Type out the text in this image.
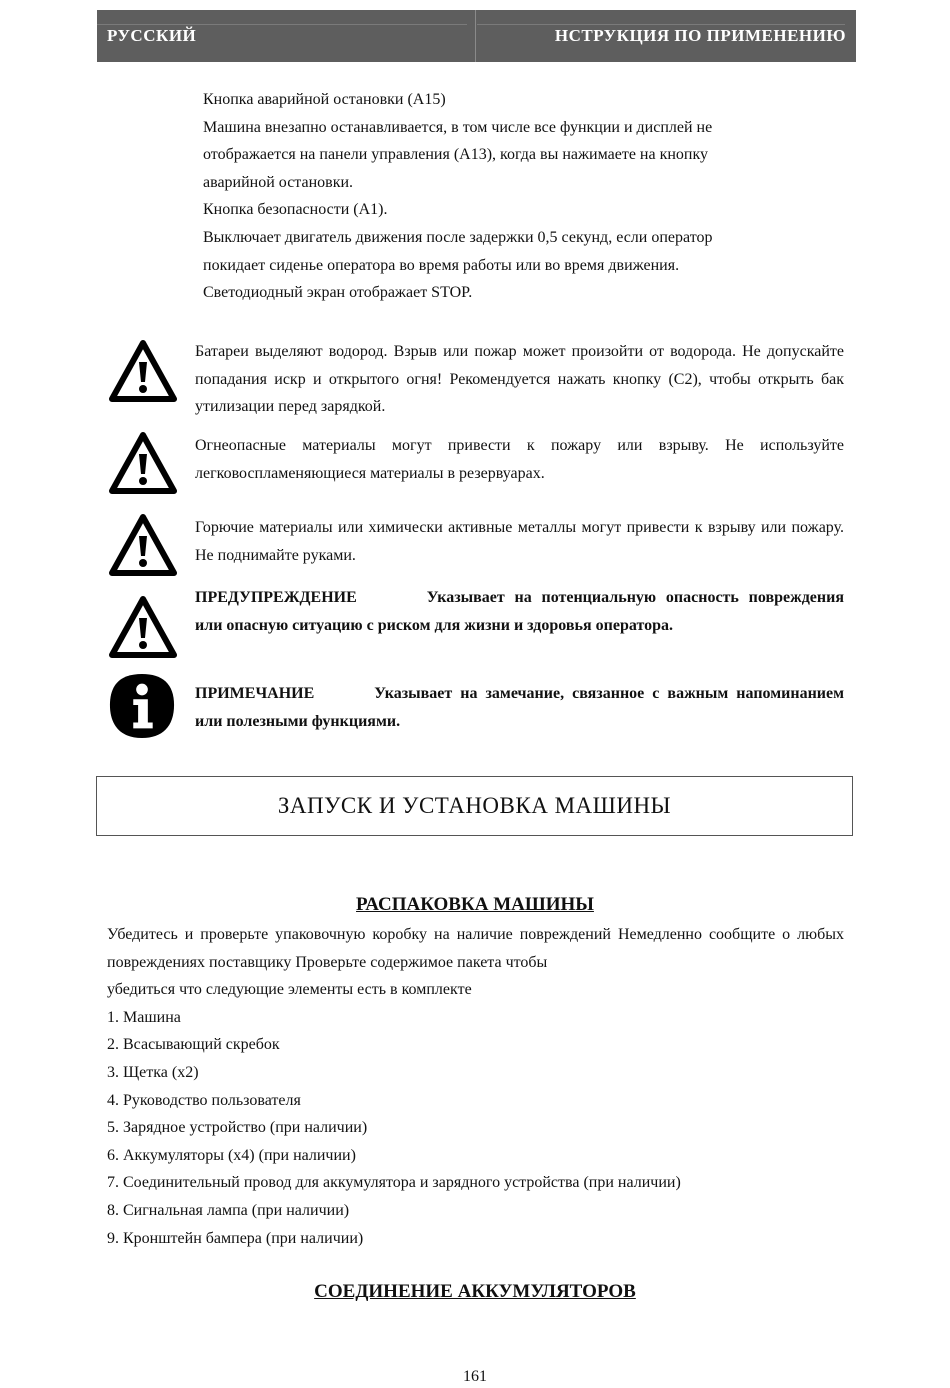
РУССКИЙ	НСТРУКЦИЯ ПО ПРИМЕНЕНИЮ

Кнопка аварийной остановки (A15)

Машина внезапно останавливается, в том числе все функции и дисплей не

отображается на панели управления (A13), когда вы нажимаете на кнопку

аварийной остановки.

Кнопка безопасности (A1).

Выключает двигатель движения после задержки 0,5 секунд, если оператор

покидает сиденье оператора во время работы или во время движения.

Светодиодный экран отображает STOP.

Батареи выделяют водород. Взрыв или пожар может произойти от водорода. Не допускайте попадания искр и открытого огня! Рекомендуется нажать кнопку (C2), чтобы открыть бак утилизации перед зарядкой.

Огнеопасные материалы могут привести к пожару или взрыву. Не используйте легковоспламеняющиеся материалы в резервуарах.

Горючие материалы или химически активные металлы могут привести к взрыву или пожару. Не поднимайте руками.

ПРЕДУПРЕЖДЕНИЕ	Указывает на потенциальную опасность повреждения или опасную ситуацию с риском для жизни и здоровья оператора.

ПРИМЕЧАНИЕ	Указывает на замечание, связанное с важным напоминанием или полезными функциями.

ЗАПУСК И УСТАНОВКА МАШИНЫ
РАСПАКОВКА МАШИНЫ

Убедитесь и проверьте упаковочную коробку на наличие повреждений Немедленно сообщите о любых повреждениях поставщику Проверьте содержимое пакета чтобы

убедиться что следующие элементы есть в комплекте

1. Машина
2. Всасывающий скребок
3. Щетка (x2)
4. Руководство пользователя
5. Зарядное устройство (при наличии)
6. Аккумуляторы (x4) (при наличии)
7. Соединительный провод для аккумулятора и зарядного устройства (при наличии)
8. Сигнальная лампа (при наличии)
9. Кронштейн бампера (при наличии)
СОЕДИНЕНИЕ АККУМУЛЯТОРОВ
161
